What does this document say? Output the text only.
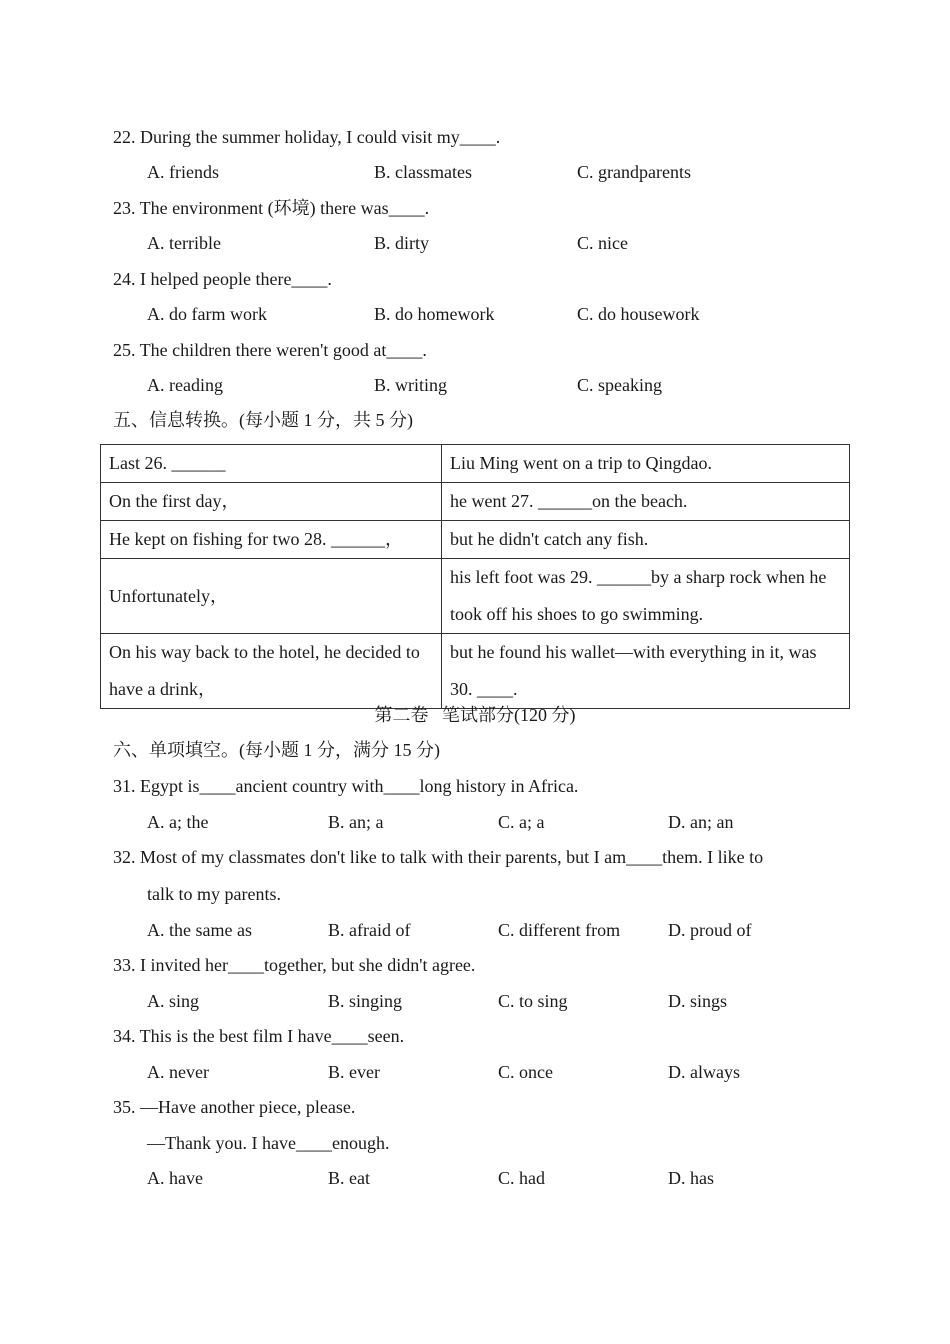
22. During the summer holiday, I could visit my____.
A. friends	B. classmates	C. grandparents
23. The environment (环境) there was____.
A. terrible	B. dirty	C. nice
24. I helped people there____.
A. do farm work	B. do homework	C. do housework
25. The children there weren't good at____.
A. reading	B. writing	C. speaking
五、信息转换。(每小题 1 分，共 5 分)
Last 26. ______	Liu Ming went on a trip to Qingdao.
On the first day，	he went 27. ______on the beach.
He kept on fishing for two 28. ______，	but he didn't catch any fish.
Unfortunately，	his left foot was 29. ______by a sharp rock when he took off his shoes to go swimming.
On his way back to the hotel, he decided to have a drink，	but he found his wallet—with everything in it, was 30. ____.
第二卷   笔试部分(120 分)
六、单项填空。(每小题 1 分，满分 15 分)
31. Egypt is____ancient country with____long history in Africa.
A. a; the	B. an; a	C. a; a	D. an; an
32. Most of my classmates don't like to talk with their parents, but I am____them. I like to
talk to my parents.
A. the same as	B. afraid of	C. different from	D. proud of
33. I invited her____together, but she didn't agree.
A. sing	B. singing	C. to sing	D. sings
34. This is the best film I have____seen.
A. never	B. ever	C. once	D. always
35. —Have another piece, please.
—Thank you. I have____enough.
A. have	B. eat	C. had	D. has
